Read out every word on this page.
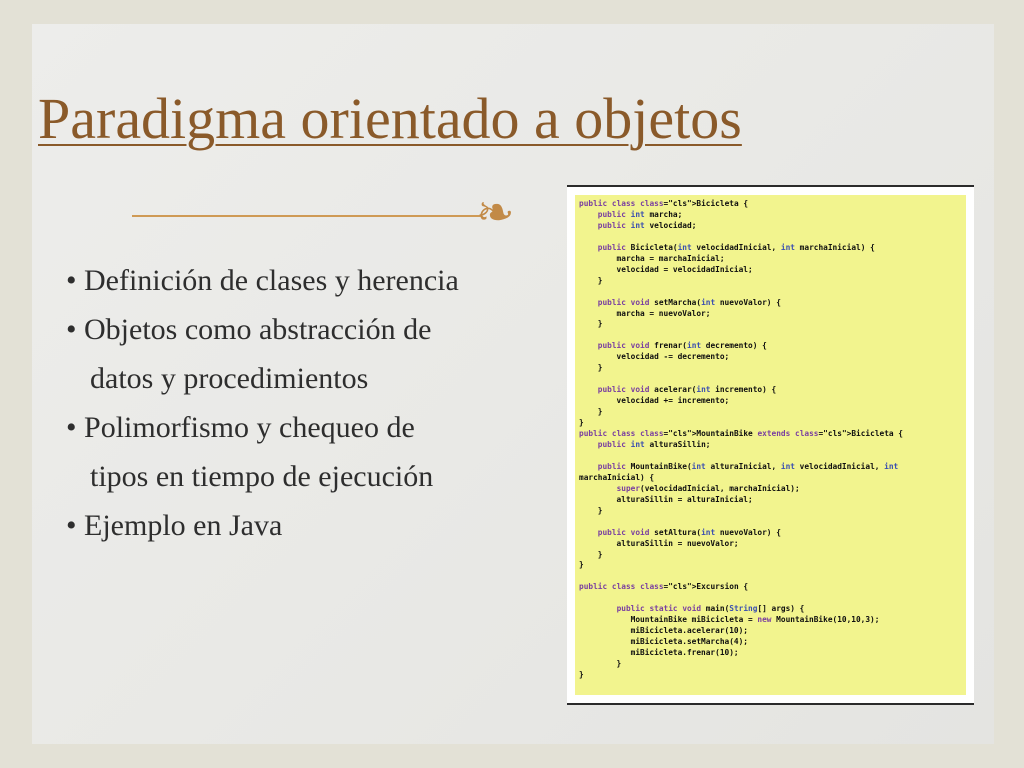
Paradigma orientado a objetos
❧
• Definición de clases y herencia
• Objetos como abstracción de
datos y procedimientos
• Polimorfismo y chequeo de
tipos en tiempo de ejecución
• Ejemplo en Java
public class class="cls">Bicicleta {
public int marcha;
public int velocidad;

public Bicicleta(int velocidadInicial, int marchaInicial) {
marcha = marchaInicial;
velocidad = velocidadInicial;
}

public void setMarcha(int nuevoValor) {
marcha = nuevoValor;
}

public void frenar(int decremento) {
velocidad -= decremento;
}

public void acelerar(int incremento) {
velocidad += incremento;
}
}
public class class="cls">MountainBike extends class="cls">Bicicleta {
public int alturaSillin;

public MountainBike(int alturaInicial, int velocidadInicial, int
marchaInicial) {
super(velocidadInicial, marchaInicial);
alturaSillin = alturaInicial;
}

public void setAltura(int nuevoValor) {
alturaSillin = nuevoValor;
}
}

public class class="cls">Excursion {

public static void main(String[] args) {
MountainBike miBicicleta = new MountainBike(10,10,3);
miBicicleta.acelerar(10);
miBicicleta.setMarcha(4);
miBicicleta.frenar(10);
}
}
